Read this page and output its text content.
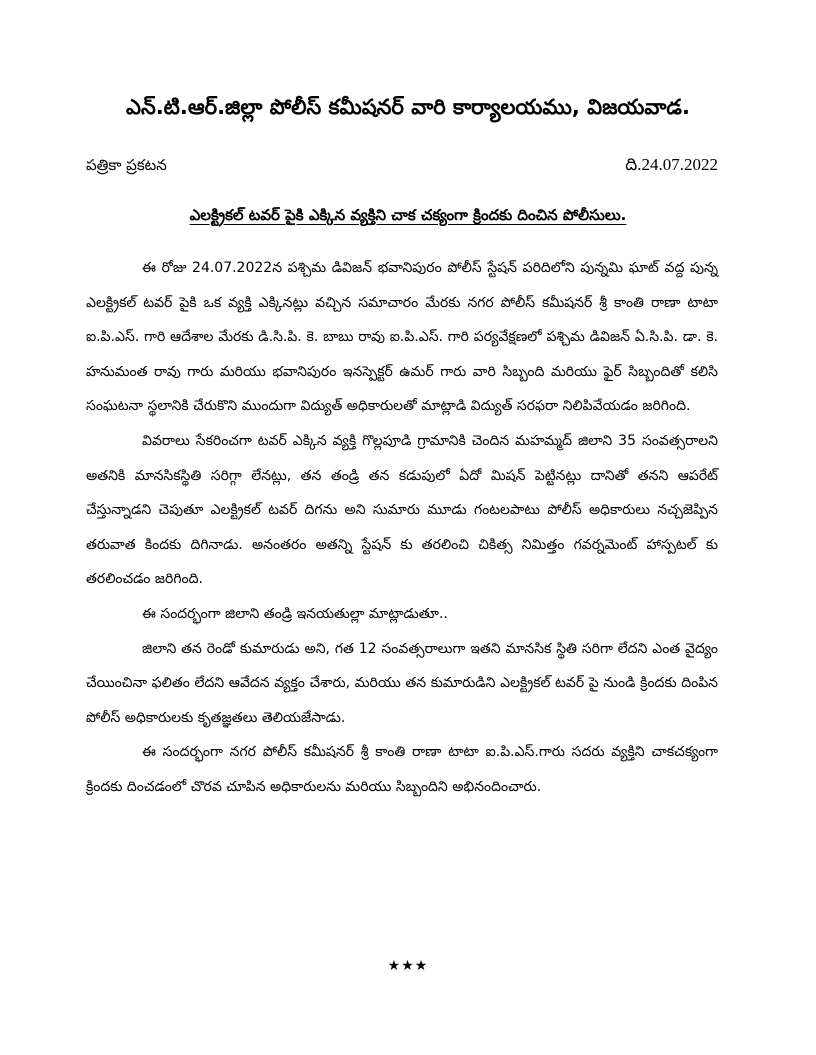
ఎన్.టి.ఆర్.జిల్లా పోలీస్ కమీషనర్ వారి కార్యాలయము, విజయవాడ.
పత్రికా ప్రకటన	ది.24.07.2022
ఎలక్ట్రికల్ టవర్ పైకి ఎక్కిన వ్యక్తిని చాక చక్యంగా క్రిందకు దించిన పోలీసులు.

ఈ రోజు 24.07.2022న పశ్చిమ డివిజన్ భవానిపురం పోలీస్ స్టేషన్ పరిదిలోని పున్నమి ఘాట్ వద్ద పున్న ఎలక్ట్రికల్ టవర్ పైకి ఒక వ్యక్తి ఎక్కినట్లు వచ్చిన సమాచారం మేరకు నగర పోలీస్ కమీషనర్ శ్రీ కాంతి రాణా టాటా ఐ.పి.ఎస్. గారి ఆదేశాల మేరకు డి.సి.పి. కె. బాబు రావు ఐ.పి.ఎస్. గారి పర్యవేక్షణలో పశ్చిమ డివిజన్ ఏ.సి.పి. డా. కె. హనుమంత రావు గారు మరియు భవానిపురం ఇనస్పెక్టర్ ఉమర్ గారు వారి సిబ్బంది మరియు ఫైర్ సిబ్బందితో కలిసి సంఘటనా స్థలానికి చేరుకొని ముందుగా విద్యుత్ అధికారులతో మాట్లాడి విద్యుత్ సరఫరా నిలిపివేయడం జరిగింది.

వివరాలు సేకరించగా టవర్ ఎక్కిన వ్యక్తి గొల్లపూడి గ్రామానికి చెందిన మహమ్మద్ జిలాని 35 సంవత్సరాలని అతనికి మానసికస్థితి సరిగ్గా లేనట్లు, తన తండ్రి తన కడుపులో ఏదో మిషన్ పెట్టినట్లు దానితో తనని ఆపరేట్ చేస్తున్నాడని చెపుతూ ఎలక్ట్రికల్ టవర్ దిగను అని సుమారు మూడు గంటలపాటు పోలీస్ అధికారులు నచ్చజెప్పిన తరువాత కిందకు దిగినాడు. అనంతరం అతన్ని స్టేషన్ కు తరలించి చికిత్స నిమిత్తం గవర్నమెంట్ హాస్పటల్ కు తరలించడం జరిగింది.

ఈ సందర్భంగా జిలాని తండ్రి ఇనయతుల్లా మాట్లాడుతూ..

జిలాని తన రెండో కుమారుడు అని, గత 12 సంవత్సరాలుగా ఇతని మానసిక స్థితి సరిగా లేదని ఎంత వైద్యం చేయించినా ఫలితం లేదని ఆవేదన వ్యక్తం చేశారు, మరియు తన కుమారుడిని ఎలక్ట్రికల్ టవర్ పై నుండి క్రిందకు దింపిన పోలీస్ అధికారులకు కృతజ్ఞతలు తెలియజేసాడు.

ఈ సందర్భంగా నగర పోలీస్ కమీషనర్ శ్రీ కాంతి రాణా టాటా ఐ.పి.ఎస్.గారు సదరు వ్యక్తిని చాకచక్యంగా క్రిందకు దించడంలో చొరవ చూపిన అధికారులను మరియు సిబ్బందిని అభినందించారు.

★★★
